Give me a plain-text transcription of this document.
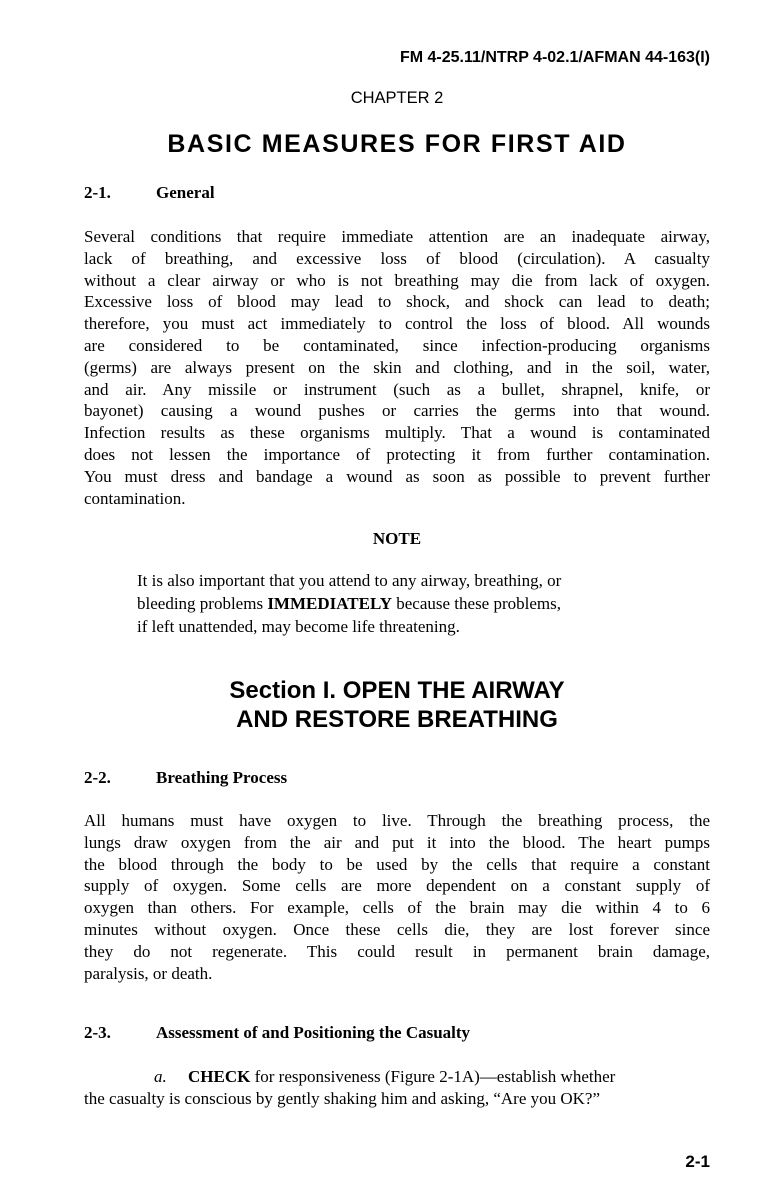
FM 4-25.11/NTRP 4-02.1/AFMAN 44-163(I)
CHAPTER 2
BASIC MEASURES FOR FIRST AID
2-1.	General
Several conditions that require immediate attention are an inadequate airway,
lack of breathing, and excessive loss of blood (circulation). A casualty
without a clear airway or who is not breathing may die from lack of oxygen.
Excessive loss of blood may lead to shock, and shock can lead to death;
therefore, you must act immediately to control the loss of blood. All wounds
are considered to be contaminated, since infection-producing organisms
(germs) are always present on the skin and clothing, and in the soil, water,
and air. Any missile or instrument (such as a bullet, shrapnel, knife, or
bayonet) causing a wound pushes or carries the germs into that wound.
Infection results as these organisms multiply. That a wound is contaminated
does not lessen the importance of protecting it from further contamination.
You must dress and bandage a wound as soon as possible to prevent further
contamination.
NOTE
It is also important that you attend to any airway, breathing, or
bleeding problems IMMEDIATELY because these problems,
if left unattended, may become life threatening.
Section I. OPEN THE AIRWAY
AND RESTORE BREATHING
2-2.	Breathing Process
All humans must have oxygen to live. Through the breathing process, the
lungs draw oxygen from the air and put it into the blood. The heart pumps
the blood through the body to be used by the cells that require a constant
supply of oxygen. Some cells are more dependent on a constant supply of
oxygen than others. For example, cells of the brain may die within 4 to 6
minutes without oxygen. Once these cells die, they are lost forever since
they do not regenerate. This could result in permanent brain damage,
paralysis, or death.
2-3.	Assessment of and Positioning the Casualty
a. CHECK for responsiveness (Figure 2-1A)—establish whether
the casualty is conscious by gently shaking him and asking, “Are you OK?”
2-1
